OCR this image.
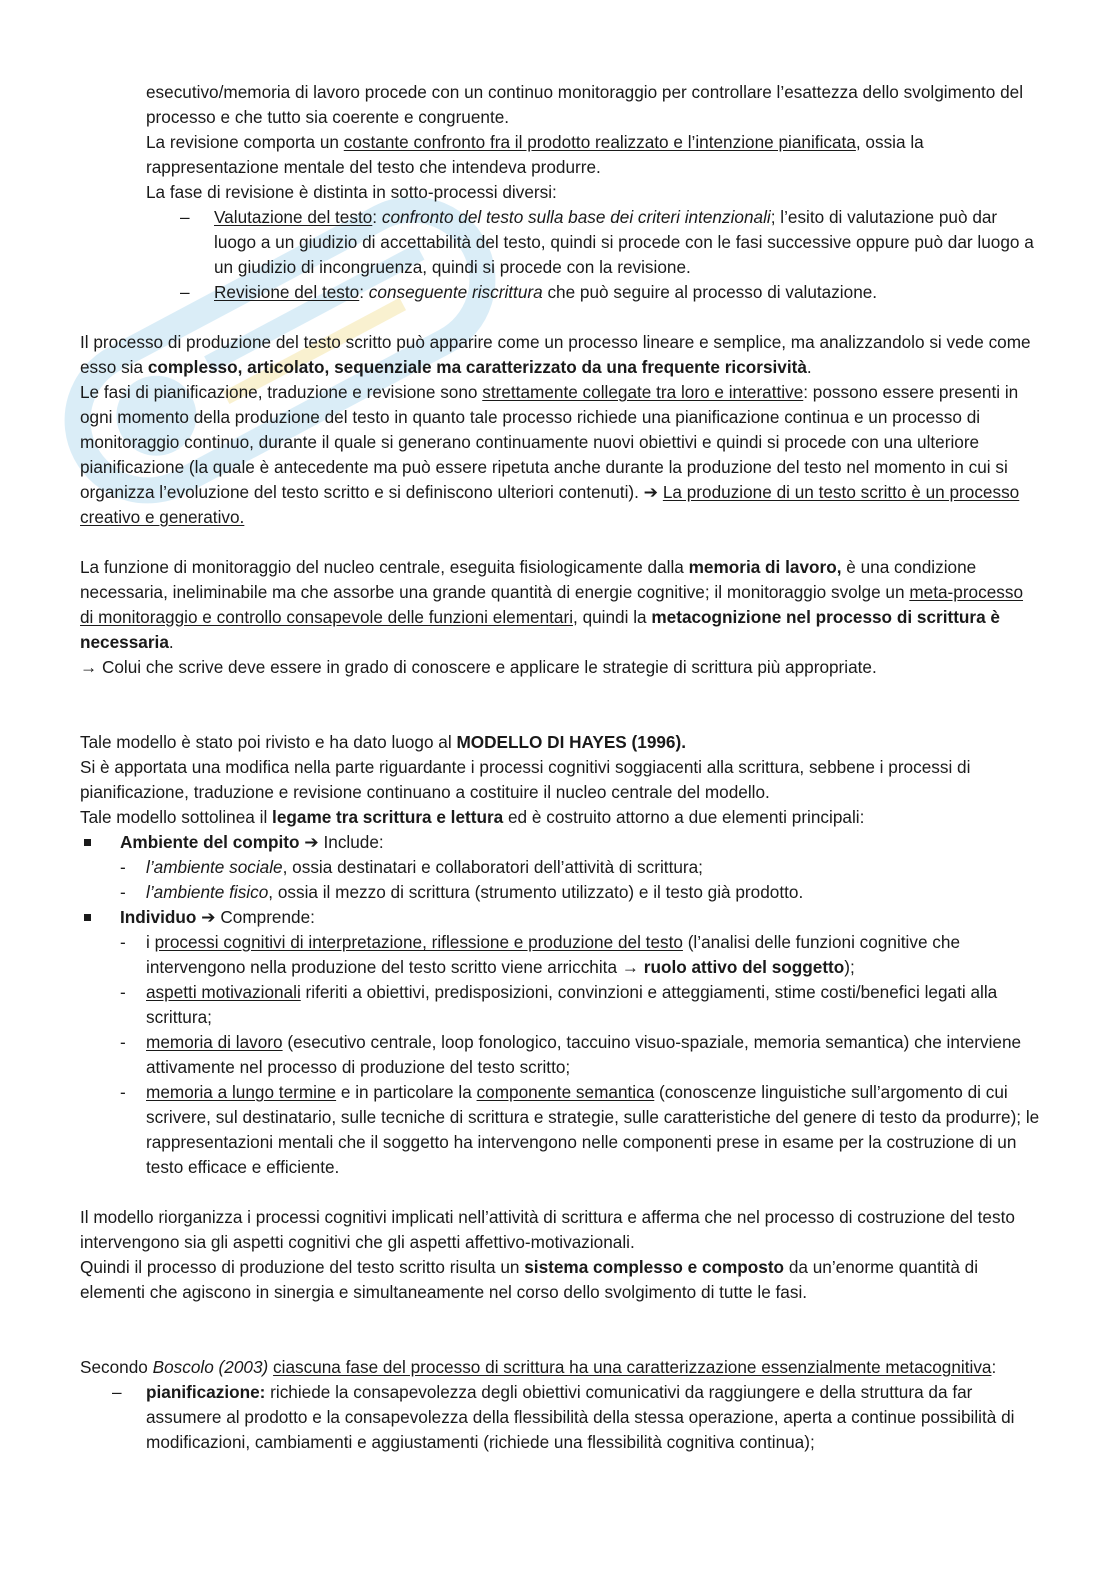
esecutivo/memoria di lavoro procede con un continuo monitoraggio per controllare l’esattezza dello svolgimento del processo e che tutto sia coerente e congruente.
La revisione comporta un costante confronto fra il prodotto realizzato e l’intenzione pianificata, ossia la rappresentazione mentale del testo che intendeva produrre.
La fase di revisione è distinta in sotto-processi diversi:

– Valutazione del testo: confronto del testo sulla base dei criteri intenzionali; l’esito di valutazione può dar luogo a un giudizio di accettabilità del testo, quindi si procede con le fasi successive oppure può dar luogo a un giudizio di incongruenza, quindi si procede con la revisione.
– Revisione del testo: conseguente riscrittura che può seguire al processo di valutazione.

Il processo di produzione del testo scritto può apparire come un processo lineare e semplice, ma analizzandolo si vede come esso sia complesso, articolato, sequenziale ma caratterizzato da una frequente ricorsività.
Le fasi di pianificazione, traduzione e revisione sono strettamente collegate tra loro e interattive: possono essere presenti in ogni momento della produzione del testo in quanto tale processo richiede una pianificazione continua e un processo di monitoraggio continuo, durante il quale si generano continuamente nuovi obiettivi e quindi si procede con una ulteriore pianificazione (la quale è antecedente ma può essere ripetuta anche durante la produzione del testo nel momento in cui si organizza l’evoluzione del testo scritto e si definiscono ulteriori contenuti). ➔ La produzione di un testo scritto è un processo creativo e generativo.

La funzione di monitoraggio del nucleo centrale, eseguita fisiologicamente dalla memoria di lavoro, è una condizione necessaria, ineliminabile ma che assorbe una grande quantità di energie cognitive; il monitoraggio svolge un meta-processo di monitoraggio e controllo consapevole delle funzioni elementari, quindi la metacognizione nel processo di scrittura è necessaria.
→ Colui che scrive deve essere in grado di conoscere e applicare le strategie di scrittura più appropriate.

Tale modello è stato poi rivisto e ha dato luogo al MODELLO DI HAYES (1996).
Si è apportata una modifica nella parte riguardante i processi cognitivi soggiacenti alla scrittura, sebbene i processi di pianificazione, traduzione e revisione continuano a costituire il nucleo centrale del modello.
Tale modello sottolinea il legame tra scrittura e lettura ed è costruito attorno a due elementi principali:

Ambiente del compito ➔ Include:
- l’ambiente sociale, ossia destinatari e collaboratori dell’attività di scrittura;
- l’ambiente fisico, ossia il mezzo di scrittura (strumento utilizzato) e il testo già prodotto.
Individuo ➔ Comprende:
- i processi cognitivi di interpretazione, riflessione e produzione del testo (l’analisi delle funzioni cognitive che intervengono nella produzione del testo scritto viene arricchita → ruolo attivo del soggetto);
- aspetti motivazionali riferiti a obiettivi, predisposizioni, convinzioni e atteggiamenti, stime costi/benefici legati alla scrittura;
- memoria di lavoro (esecutivo centrale, loop fonologico, taccuino visuo-spaziale, memoria semantica) che interviene attivamente nel processo di produzione del testo scritto;
- memoria a lungo termine e in particolare la componente semantica (conoscenze linguistiche sull’argomento di cui scrivere, sul destinatario, sulle tecniche di scrittura e strategie, sulle caratteristiche del genere di testo da produrre); le rappresentazioni mentali che il soggetto ha intervengono nelle componenti prese in esame per la costruzione di un testo efficace e efficiente.

Il modello riorganizza i processi cognitivi implicati nell’attività di scrittura e afferma che nel processo di costruzione del testo intervengono sia gli aspetti cognitivi che gli aspetti affettivo-motivazionali.
Quindi il processo di produzione del testo scritto risulta un sistema complesso e composto da un’enorme quantità di elementi che agiscono in sinergia e simultaneamente nel corso dello svolgimento di tutte le fasi.

Secondo Boscolo (2003) ciascuna fase del processo di scrittura ha una caratterizzazione essenzialmente metacognitiva:

– pianificazione: richiede la consapevolezza degli obiettivi comunicativi da raggiungere e della struttura da far assumere al prodotto e la consapevolezza della flessibilità della stessa operazione, aperta a continue possibilità di modificazioni, cambiamenti e aggiustamenti (richiede una flessibilità cognitiva continua);
